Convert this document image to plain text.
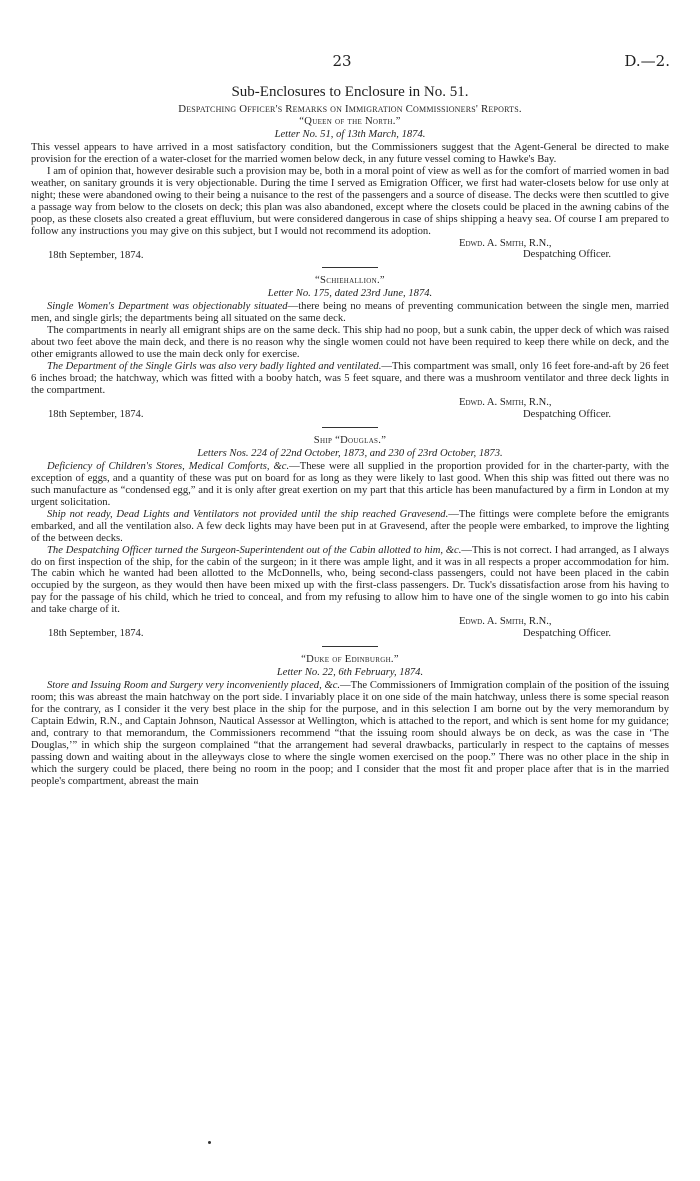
23	D.—2.
Sub-Enclosures to Enclosure in No. 51.
Despatching Officer's Remarks on Immigration Commissioners' Reports.
“Queen of the North.”
Letter No. 51, of 13th March, 1874.

This vessel appears to have arrived in a most satisfactory condition, but the Commissioners suggest that the Agent-General be directed to make provision for the erection of a water-closet for the married women below deck, in any future vessel coming to Hawke's Bay.

I am of opinion that, however desirable such a provision may be, both in a moral point of view as well as for the comfort of married women in bad weather, on sanitary grounds it is very objectionable. During the time I served as Emigration Officer, we first had water-closets below for use only at night; these were abandoned owing to their being a nuisance to the rest of the passengers and a source of disease. The decks were then scuttled to give a passage way from below to the closets on deck; this plan was also abandoned, except where the closets could be placed in the awning cabins of the poop, as these closets also created a great effluvium, but were considered dangerous in case of ships shipping a heavy sea. Of course I am prepared to follow any instructions you may give on this subject, but I would not recommend its adoption.

18th September, 1874.
Edwd. A. Smith, R.N.,
Despatching Officer.
“Schiehallion.”
Letter No. 175, dated 23rd June, 1874.

Single Women's Department was objectionably situated—there being no means of preventing communication between the single men, married men, and single girls; the departments being all situated on the same deck.

The compartments in nearly all emigrant ships are on the same deck. This ship had no poop, but a sunk cabin, the upper deck of which was raised about two feet above the main deck, and there is no reason why the single women could not have been required to keep there while on deck, and the other emigrants allowed to use the main deck only for exercise.

The Department of the Single Girls was also very badly lighted and ventilated.—This compartment was small, only 16 feet fore-and-aft by 26 feet 6 inches broad; the hatchway, which was fitted with a booby hatch, was 5 feet square, and there was a mushroom ventilator and three deck lights in the compartment.

18th September, 1874.
Edwd. A. Smith, R.N.,
Despatching Officer.
Ship “Douglas.”
Letters Nos. 224 of 22nd October, 1873, and 230 of 23rd October, 1873.

Deficiency of Children's Stores, Medical Comforts, &c.—These were all supplied in the proportion provided for in the charter-party, with the exception of eggs, and a quantity of these was put on board for as long as they were likely to last good. When this ship was fitted out there was no such manufacture as “condensed egg,” and it is only after great exertion on my part that this article has been manufactured by a firm in London at my urgent solicitation.

Ship not ready, Dead Lights and Ventilators not provided until the ship reached Gravesend.—The fittings were complete before the emigrants embarked, and all the ventilation also. A few deck lights may have been put in at Gravesend, after the people were embarked, to improve the lighting of the between decks.

The Despatching Officer turned the Surgeon-Superintendent out of the Cabin allotted to him, &c.—This is not correct. I had arranged, as I always do on first inspection of the ship, for the cabin of the surgeon; in it there was ample light, and it was in all respects a proper accommodation for him. The cabin which he wanted had been allotted to the McDonnells, who, being second-class passengers, could not have been placed in the cabin occupied by the surgeon, as they would then have been mixed up with the first-class passengers. Dr. Tuck's dissatisfaction arose from his having to pay for the passage of his child, which he tried to conceal, and from my refusing to allow him to have one of the single women to go into his cabin and take charge of it.

18th September, 1874.
Edwd. A. Smith, R.N.,
Despatching Officer.
“Duke of Edinburgh.”
Letter No. 22, 6th February, 1874.

Store and Issuing Room and Surgery very inconveniently placed, &c.—The Commissioners of Immigration complain of the position of the issuing room; this was abreast the main hatchway on the port side. I invariably place it on one side of the main hatchway, unless there is some special reason for the contrary, as I consider it the very best place in the ship for the purpose, and in this selection I am borne out by the very memorandum by Captain Edwin, R.N., and Captain Johnson, Nautical Assessor at Wellington, which is attached to the report, and which is sent home for my guidance; and, contrary to that memorandum, the Commissioners recommend “that the issuing room should always be on deck, as was the case in ‘The Douglas,’” in which ship the surgeon complained “that the arrangement had several drawbacks, particularly in respect to the captains of messes passing down and waiting about in the alleyways close to where the single women exercised on the poop.” There was no other place in the ship in which the surgery could be placed, there being no room in the poop; and I consider that the most fit and proper place after that is in the married people's compartment, abreast the main
